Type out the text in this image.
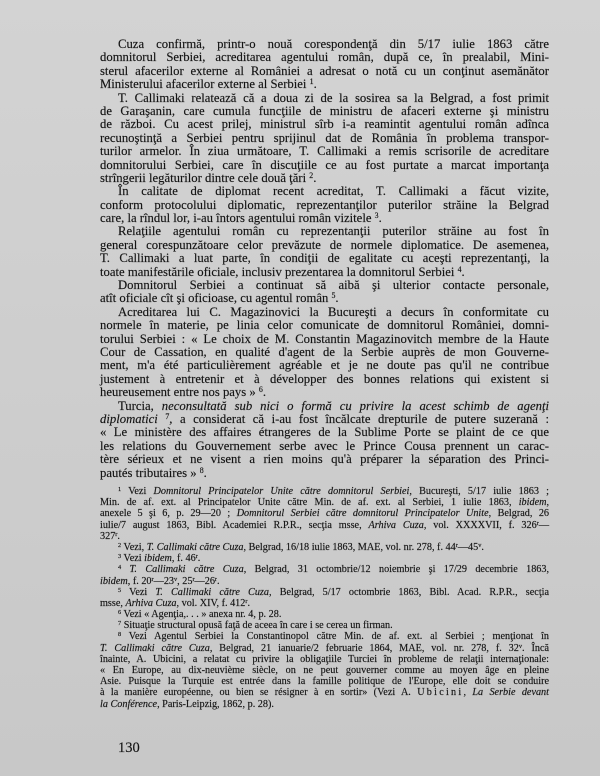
Cuza confirmă, printr-o nouă corespondenţă din 5/17 iulie 1863 către
domnitorul Serbiei, acreditarea agentului român, după ce, în prealabil, Mini-
sterul afacerilor externe al României a adresat o notă cu un conţinut asemănător
Ministerului afacerilor externe al Serbiei $^1$.
T. Callimaki relatează că a doua zi de la sosirea sa la Belgrad, a fost primit
de Garaşanin, care cumula funcţiile de ministru de afaceri externe şi ministru
de război. Cu acest prilej, ministrul sîrb i-a reamintit agentului român adînca
recunoştinţă a Serbiei pentru sprijinul dat de România în problema transpor-
turilor armelor. În ziua următoare, T. Callimaki a remis scrisorile de acreditare
domnitorului Serbiei, care în discuţiile ce au fost purtate a marcat importanţa
strîngerii legăturilor dintre cele două ţări $^2$.
În calitate de diplomat recent acreditat, T. Callimaki a făcut vizite,
conform protocolului diplomatic, reprezentanţilor puterilor străine la Belgrad
care, la rîndul lor, i-au întors agentului român vizitele $^3$.
Relaţiile agentului român cu reprezentanţii puterilor străine au fost în
general corespunzătoare celor prevăzute de normele diplomatice. De asemenea,
T. Callimaki a luat parte, în condiţii de egalitate cu aceşti reprezentanţi, la
toate manifestările oficiale, inclusiv prezentarea la domnitorul Serbiei $^4$.
Domnitorul Serbiei a continuat să aibă şi ulterior contacte personale,
atît oficiale cît şi oficioase, cu agentul român $^5$.
Acreditarea lui C. Magazinovici la Bucureşti a decurs în conformitate cu
normele în materie, pe linia celor comunicate de domnitorul României, domni-
torului Serbiei : « Le choix de M. Constantin Magazinovitch membre de la Haute
Cour de Cassation, en qualité d'agent de la Serbie auprès de mon Gouverne-
ment, m'a été particulièrement agréable et je ne doute pas qu'il ne contribue
justement à entretenir et à développer des bonnes relations qui existent si
heureusement entre nos pays » $^6$.
Turcia, neconsultată sub nici o formă cu privire la acest schimb de agenţi
diplomatici $^7$, a considerat că i-au fost încălcate drepturile de putere suzerană :
« Le ministère des affaires étrangeres de la Sublime Porte se plaint de ce que
les relations du Gouvernement serbe avec le Prince Cousa prennent un carac-
tère sérieux et ne visent a rien moins qu'à préparer la séparation des Princi-
pautés tributaires » $^8$.
$^1$ Vezi Domnitorul Principatelor Unite către domnitorul Serbiei, Bucureşti, 5/17 iulie 1863 ;
Min. de af. ext. al Principatelor Unite către Min. de af. ext. al Serbiei, 1 iulie 1863, ibidem,
anexele 5 şi 6, p. 29—20 ; Domnitorul Serbiei către domnitorul Principatelor Unite, Belgrad, 26
iulie/7 august 1863, Bibl. Academiei R.P.R., secţia msse, Arhiva Cuza, vol. XXXXVII, f. 326$^r$—
327$^r$.
$^2$ Vezi, T. Callimaki către Cuza, Belgrad, 16/18 iulie 1863, MAE, vol. nr. 278, f. 44$^r$—45$^v$.
$^3$ Vezi ibidem, f. 46$^r$.
$^4$ T. Callimaki către Cuza, Belgrad, 31 octombrie/12 noiembrie şi 17/29 decembrie 1863,
ibidem, f. 20$^r$—23$^v$, 25$^r$—26$^r$.
$^5$ Vezi T. Callimaki către Cuza, Belgrad, 5/17 octombrie 1863, Bibl. Acad. R.P.R., secţia
msse, Arhiva Cuza, vol. XIV, f. 412$^r$.
$^6$ Vezi « Agenţia,. . . » anexa nr. 4, p. 28.
$^7$ Situaţie structural opusă faţă de aceea în care i se cerea un firman.
$^8$ Vezi Agentul Serbiei la Constantinopol către Min. de af. ext. al Serbiei ; menţionat în
T. Callimaki către Cuza, Belgrad, 21 ianuarie/2 februarie 1864, MAE, vol. nr. 278, f. 32$^v$. Încă
înainte, A. Ubicini, a relatat cu privire la obligaţiile Turciei în probleme de relaţii internaţionale:
« En Europe, au dix-neuvième siècle, on ne peut gouverner comme au moyen âge en pleine
Asie. Puisque la Turquie est entrée dans la famille politique de l'Europe, elle doit se conduire
à la manière européenne, ou bien se résigner à en sortir» (Vezi A. Ubicini, La Serbie devant
la Conférence, Paris-Leipzig, 1862, p. 28).
130
